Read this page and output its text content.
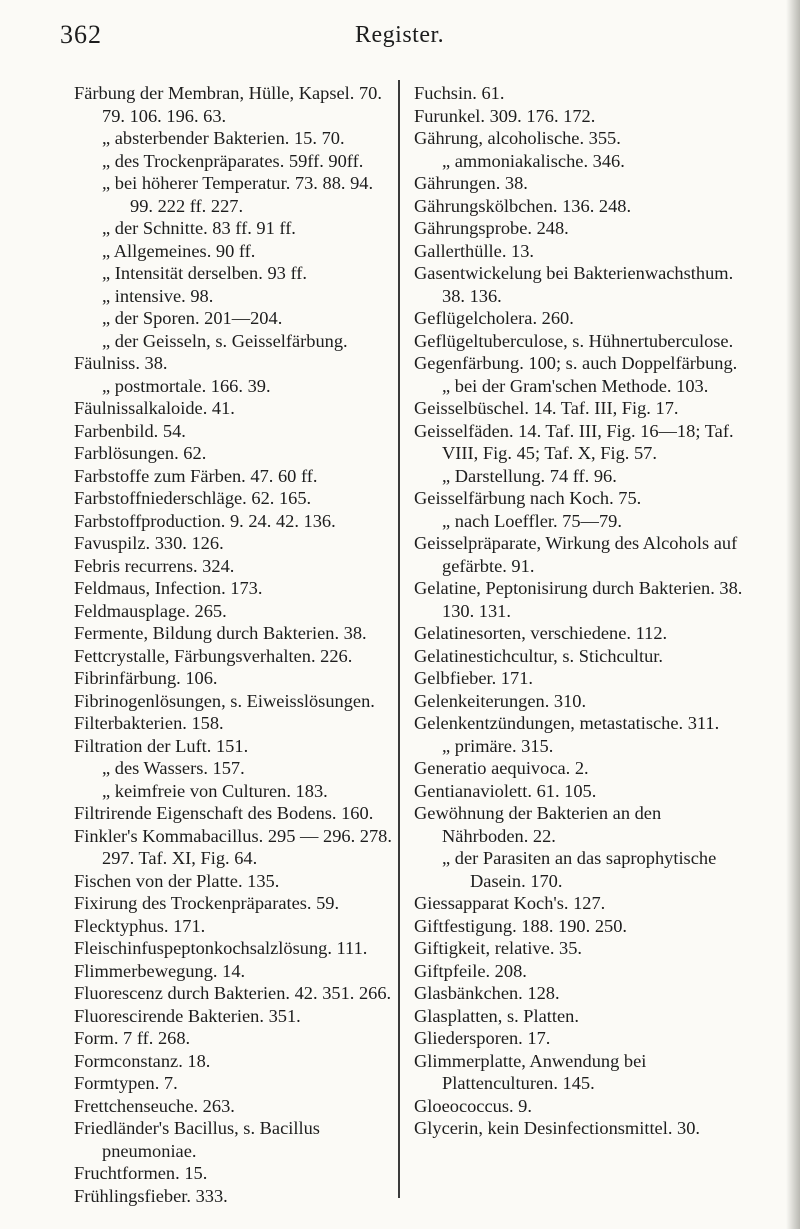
362	Register.

Färbung der Membran, Hülle, Kapsel. 70. 79. 106. 196. 63.

„ absterbender Bakterien. 15. 70.

„ des Trockenpräparates. 59ff. 90ff.

„ bei höherer Temperatur. 73. 88. 94. 99. 222 ff. 227.

„ der Schnitte. 83 ff. 91 ff.

„ Allgemeines. 90 ff.

„ Intensität derselben. 93 ff.

„ intensive. 98.

„ der Sporen. 201—204.

„ der Geisseln, s. Geisselfärbung.

Fäulniss. 38.

„ postmortale. 166. 39.

Fäulnissalkaloide. 41.

Farbenbild. 54.

Farblösungen. 62.

Farbstoffe zum Färben. 47. 60 ff.

Farbstoffniederschläge. 62. 165.

Farbstoffproduction. 9. 24. 42. 136.

Favuspilz. 330. 126.

Febris recurrens. 324.

Feldmaus, Infection. 173.

Feldmausplage. 265.

Fermente, Bildung durch Bakterien. 38.

Fettcrystalle, Färbungsverhalten. 226.

Fibrinfärbung. 106.

Fibrinogenlösungen, s. Eiweisslösungen.

Filterbakterien. 158.

Filtration der Luft. 151.

„ des Wassers. 157.

„ keimfreie von Culturen. 183.

Filtrirende Eigenschaft des Bodens. 160.

Finkler's Kommabacillus. 295 — 296. 278. 297. Taf. XI, Fig. 64.

Fischen von der Platte. 135.

Fixirung des Trockenpräparates. 59.

Flecktyphus. 171.

Fleischinfuspeptonkochsalzlösung. 111.

Flimmerbewegung. 14.

Fluorescenz durch Bakterien. 42. 351. 266.

Fluorescirende Bakterien. 351.

Form. 7 ff. 268.

Formconstanz. 18.

Formtypen. 7.

Frettchenseuche. 263.

Friedländer's Bacillus, s. Bacillus pneumoniae.

Fruchtformen. 15.

Frühlingsfieber. 333.

Fuchsin. 61.

Furunkel. 309. 176. 172.

Gährung, alcoholische. 355.

„ ammoniakalische. 346.

Gährungen. 38.

Gährungskölbchen. 136. 248.

Gährungsprobe. 248.

Gallerthülle. 13.

Gasentwickelung bei Bakterienwachsthum. 38. 136.

Geflügelcholera. 260.

Geflügeltuberculose, s. Hühnertuberculose.

Gegenfärbung. 100; s. auch Doppelfärbung.

„ bei der Gram'schen Methode. 103.

Geisselbüschel. 14. Taf. III, Fig. 17.

Geisselfäden. 14. Taf. III, Fig. 16—18; Taf. VIII, Fig. 45; Taf. X, Fig. 57.

„ Darstellung. 74 ff. 96.

Geisselfärbung nach Koch. 75.

„ nach Loeffler. 75—79.

Geisselpräparate, Wirkung des Alcohols auf gefärbte. 91.

Gelatine, Peptonisirung durch Bakterien. 38. 130. 131.

Gelatinesorten, verschiedene. 112.

Gelatinestichcultur, s. Stichcultur.

Gelbfieber. 171.

Gelenkeiterungen. 310.

Gelenkentzündungen, metastatische. 311.

„ primäre. 315.

Generatio aequivoca. 2.

Gentianaviolett. 61. 105.

Gewöhnung der Bakterien an den Nährboden. 22.

„ der Parasiten an das saprophytische Dasein. 170.

Giessapparat Koch's. 127.

Giftfestigung. 188. 190. 250.

Giftigkeit, relative. 35.

Giftpfeile. 208.

Glasbänkchen. 128.

Glasplatten, s. Platten.

Gliedersporen. 17.

Glimmerplatte, Anwendung bei Plattenculturen. 145.

Gloeococcus. 9.

Glycerin, kein Desinfectionsmittel. 30.
